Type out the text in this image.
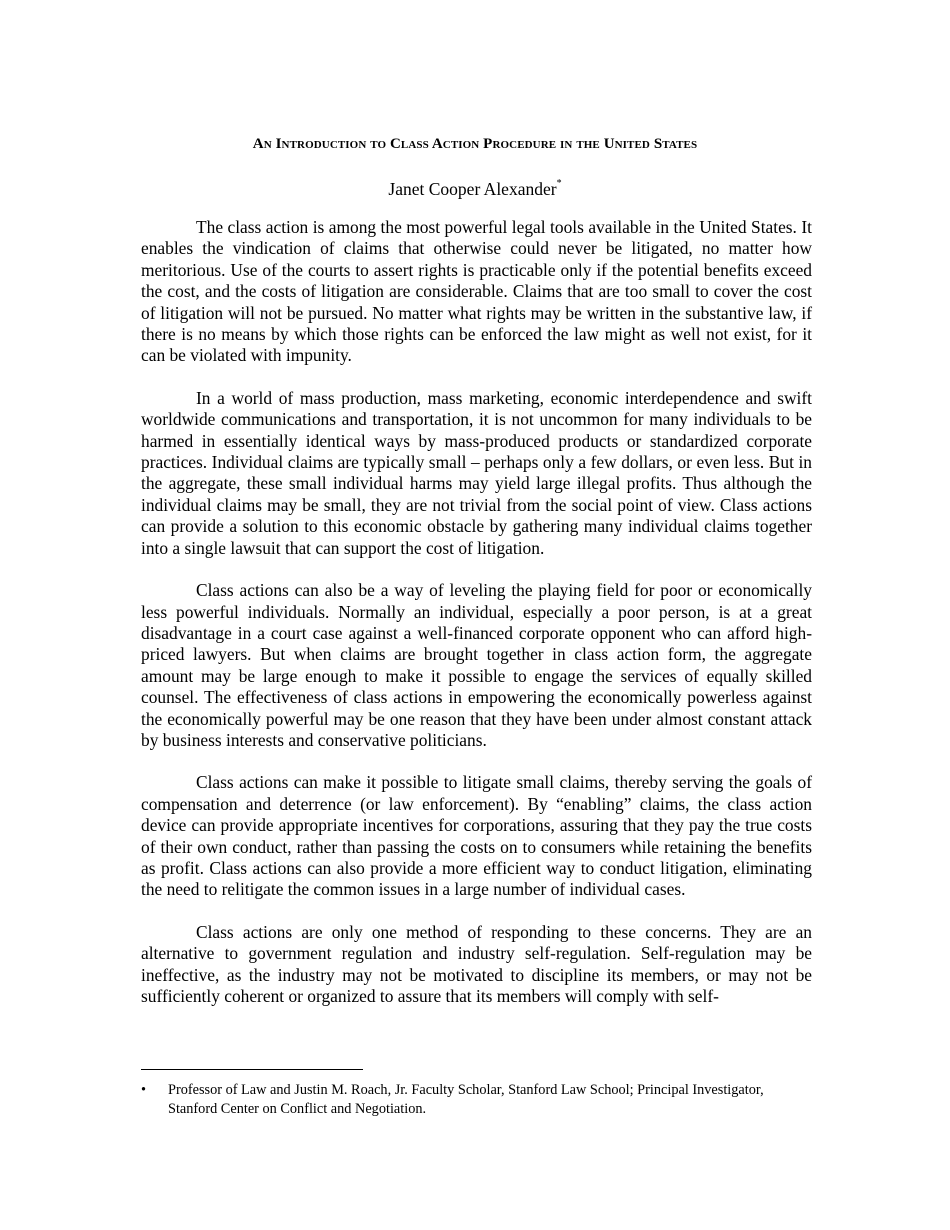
An Introduction to Class Action Procedure in the United States
Janet Cooper Alexander*

The class action is among the most powerful legal tools available in the United States. It enables the vindication of claims that otherwise could never be litigated, no matter how meritorious. Use of the courts to assert rights is practicable only if the potential benefits exceed the cost, and the costs of litigation are considerable. Claims that are too small to cover the cost of litigation will not be pursued. No matter what rights may be written in the substantive law, if there is no means by which those rights can be enforced the law might as well not exist, for it can be violated with impunity.

In a world of mass production, mass marketing, economic interdependence and swift worldwide communications and transportation, it is not uncommon for many individuals to be harmed in essentially identical ways by mass-produced products or standardized corporate practices. Individual claims are typically small – perhaps only a few dollars, or even less. But in the aggregate, these small individual harms may yield large illegal profits. Thus although the individual claims may be small, they are not trivial from the social point of view. Class actions can provide a solution to this economic obstacle by gathering many individual claims together into a single lawsuit that can support the cost of litigation.

Class actions can also be a way of leveling the playing field for poor or economically less powerful individuals. Normally an individual, especially a poor person, is at a great disadvantage in a court case against a well-financed corporate opponent who can afford high-priced lawyers. But when claims are brought together in class action form, the aggregate amount may be large enough to make it possible to engage the services of equally skilled counsel. The effectiveness of class actions in empowering the economically powerless against the economically powerful may be one reason that they have been under almost constant attack by business interests and conservative politicians.

Class actions can make it possible to litigate small claims, thereby serving the goals of compensation and deterrence (or law enforcement). By “enabling” claims, the class action device can provide appropriate incentives for corporations, assuring that they pay the true costs of their own conduct, rather than passing the costs on to consumers while retaining the benefits as profit. Class actions can also provide a more efficient way to conduct litigation, eliminating the need to relitigate the common issues in a large number of individual cases.

Class actions are only one method of responding to these concerns. They are an alternative to government regulation and industry self-regulation. Self-regulation may be ineffective, as the industry may not be motivated to discipline its members, or may not be sufficiently coherent or organized to assure that its members will comply with self-

• Professor of Law and Justin M. Roach, Jr. Faculty Scholar, Stanford Law School; Principal Investigator, Stanford Center on Conflict and Negotiation.
